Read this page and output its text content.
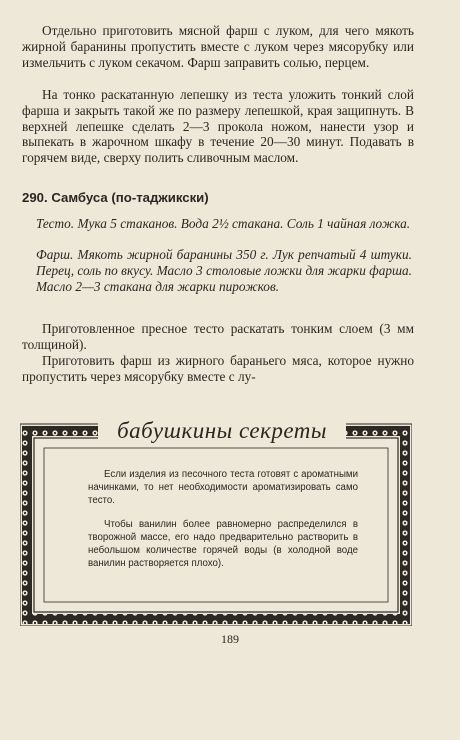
Отдельно приготовить мясной фарш с луком, для чего мякоть жирной баранины пропустить вместе с луком через мясорубку или измельчить с луком секачом. Фарш заправить солью, перцем.

На тонко раскатанную лепешку из теста уложить тонкий слой фарша и закрыть такой же по размеру лепешкой, края защипнуть. В верхней лепешке сделать 2—3 прокола ножом, нанести узор и выпекать в жарочном шкафу в течение 20—30 минут. Подавать в горячем виде, сверху полить сливочным маслом.

290. Самбуса (по-таджикски)

Тесто. Мука 5 стаканов. Вода 2½ стакана. Соль 1 чайная ложка.

Фарш. Мякоть жирной баранины 350 г. Лук репчатый 4 штуки. Перец, соль по вкусу. Масло 3 столовые ложки для жарки фарша. Масло 2—3 стакана для жарки пирожков.

Приготовленное пресное тесто раскатать тонким слоем (3 мм толщиной).

Приготовить фарш из жирного бараньего мяса, которое нужно пропустить через мясорубку вместе с лу-

бабушкины секреты

Если изделия из песочного теста готовят с ароматными начинками, то нет необходимости ароматизировать само тесто.

Чтобы ванилин более равномерно распределился в творожной массе, его надо предварительно растворить в небольшом количестве горячей воды (в холодной воде ванилин растворяется плохо).

189
